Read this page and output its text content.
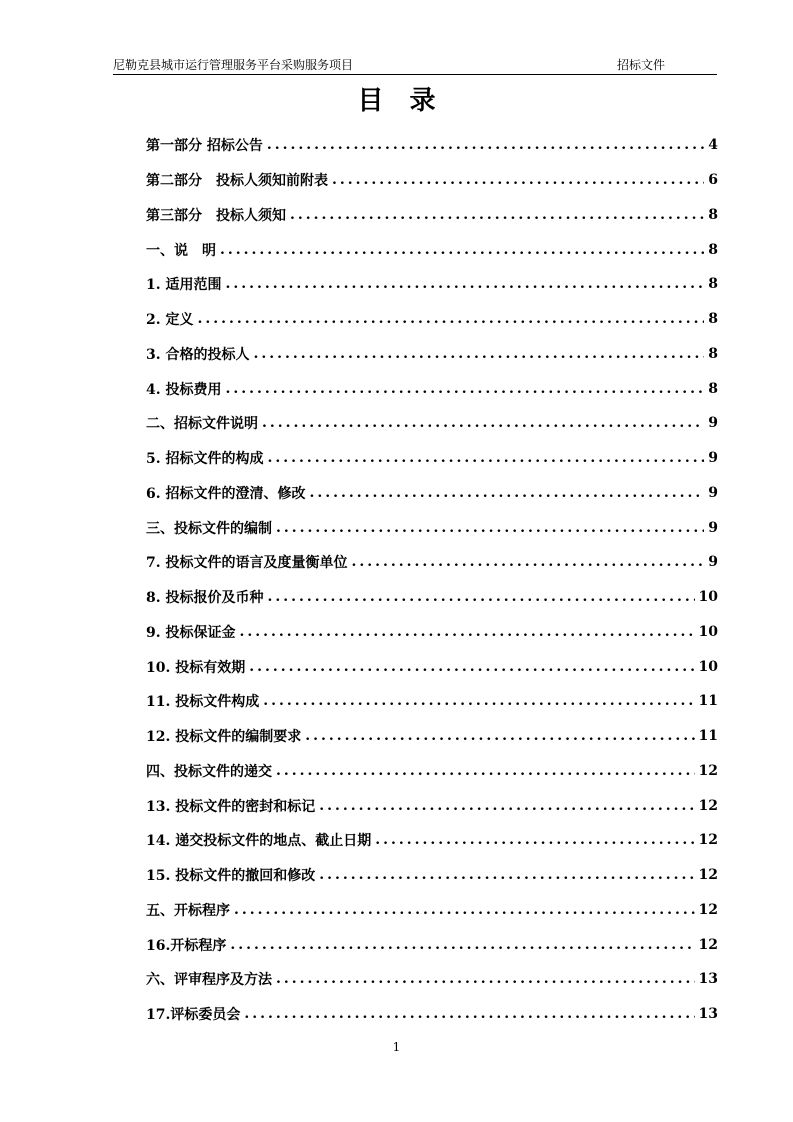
尼勒克县城市运行管理服务平台采购服务项目	招标文件
目录
第一部分 招标公告 .....	4
第二部分　投标人须知前附表 .....	6
第三部分　投标人须知 .....	8
一、说　明 .....	8
1. 适用范围 .....	8
2. 定义 .....	8
3. 合格的投标人 .....	8
4. 投标费用 .....	8
二、招标文件说明 .....	9
5. 招标文件的构成 .....	9
6. 招标文件的澄清、修改 .....	9
三、投标文件的编制 .....	9
7. 投标文件的语言及度量衡单位 .....	9
8. 投标报价及币种 .....	10
9. 投标保证金 .....	10
10. 投标有效期 .....	10
11. 投标文件构成 .....	11
12. 投标文件的编制要求 .....	11
四、投标文件的递交 .....	12
13. 投标文件的密封和标记 .....	12
14. 递交投标文件的地点、截止日期 .....	12
15. 投标文件的撤回和修改 .....	12
五、开标程序 .....	12
16.开标程序 .....	12
六、评审程序及方法 .....	13
17.评标委员会 .....	13
1
